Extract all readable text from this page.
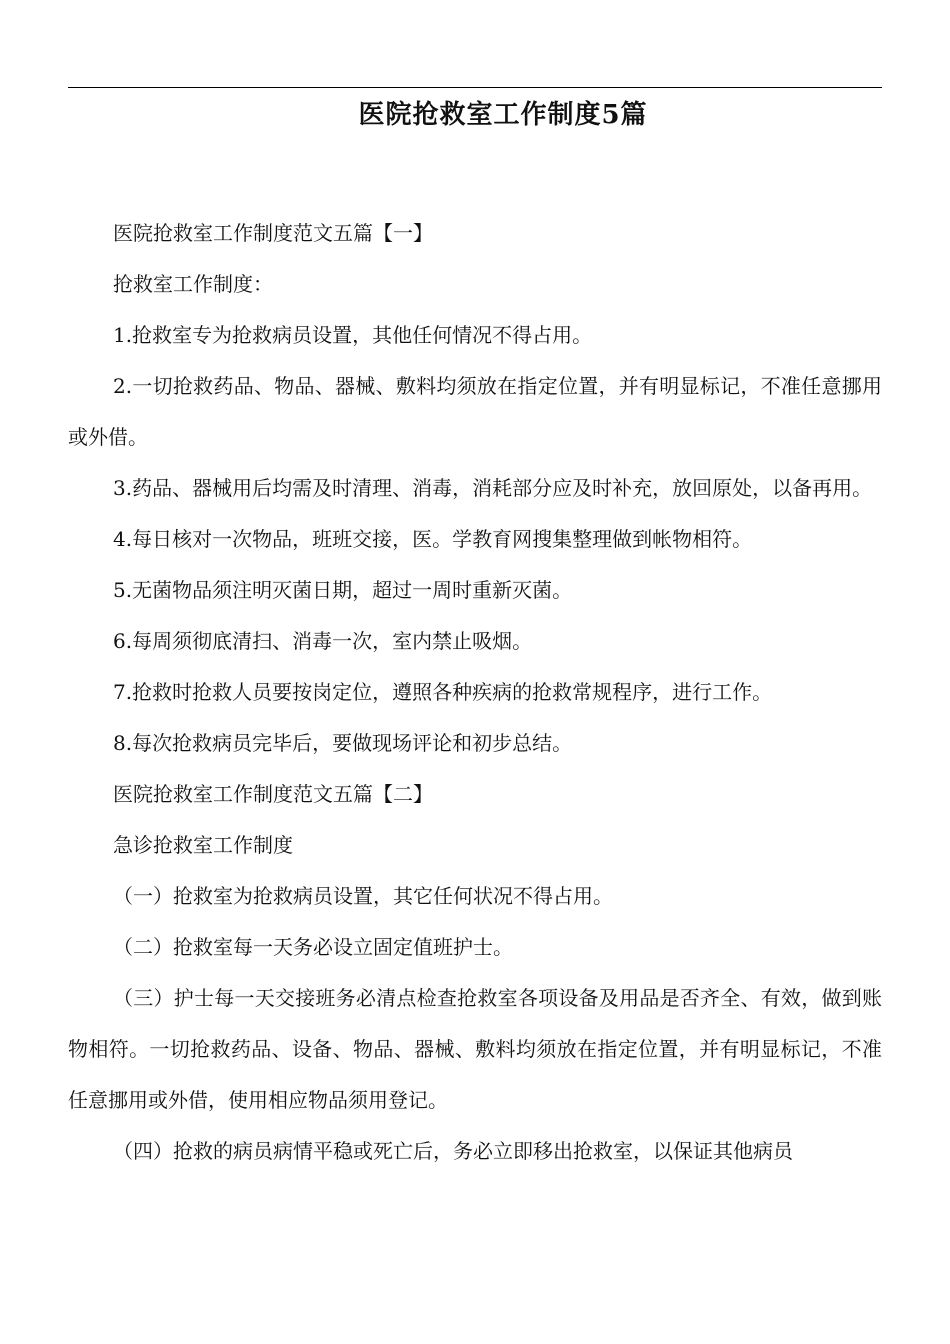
医院抢救室工作制度5篇

医院抢救室工作制度范文五篇【一】

抢救室工作制度：

1.抢救室专为抢救病员设置，其他任何情况不得占用。

2.一切抢救药品、物品、器械、敷料均须放在指定位置，并有明显标记，不准任意挪用或外借。

3.药品、器械用后均需及时清理、消毒，消耗部分应及时补充，放回原处，以备再用。

4.每日核对一次物品，班班交接，医。学教育网搜集整理做到帐物相符。

5.无菌物品须注明灭菌日期，超过一周时重新灭菌。

6.每周须彻底清扫、消毒一次，室内禁止吸烟。

7.抢救时抢救人员要按岗定位，遵照各种疾病的抢救常规程序，进行工作。

8.每次抢救病员完毕后，要做现场评论和初步总结。

医院抢救室工作制度范文五篇【二】

急诊抢救室工作制度

（一）抢救室为抢救病员设置，其它任何状况不得占用。

（二）抢救室每一天务必设立固定值班护士。

（三）护士每一天交接班务必清点检查抢救室各项设备及用品是否齐全、有效，做到账物相符。一切抢救药品、设备、物品、器械、敷料均须放在指定位置，并有明显标记，不准任意挪用或外借，使用相应物品须用登记。

（四）抢救的病员病情平稳或死亡后，务必立即移出抢救室，以保证其他病员
